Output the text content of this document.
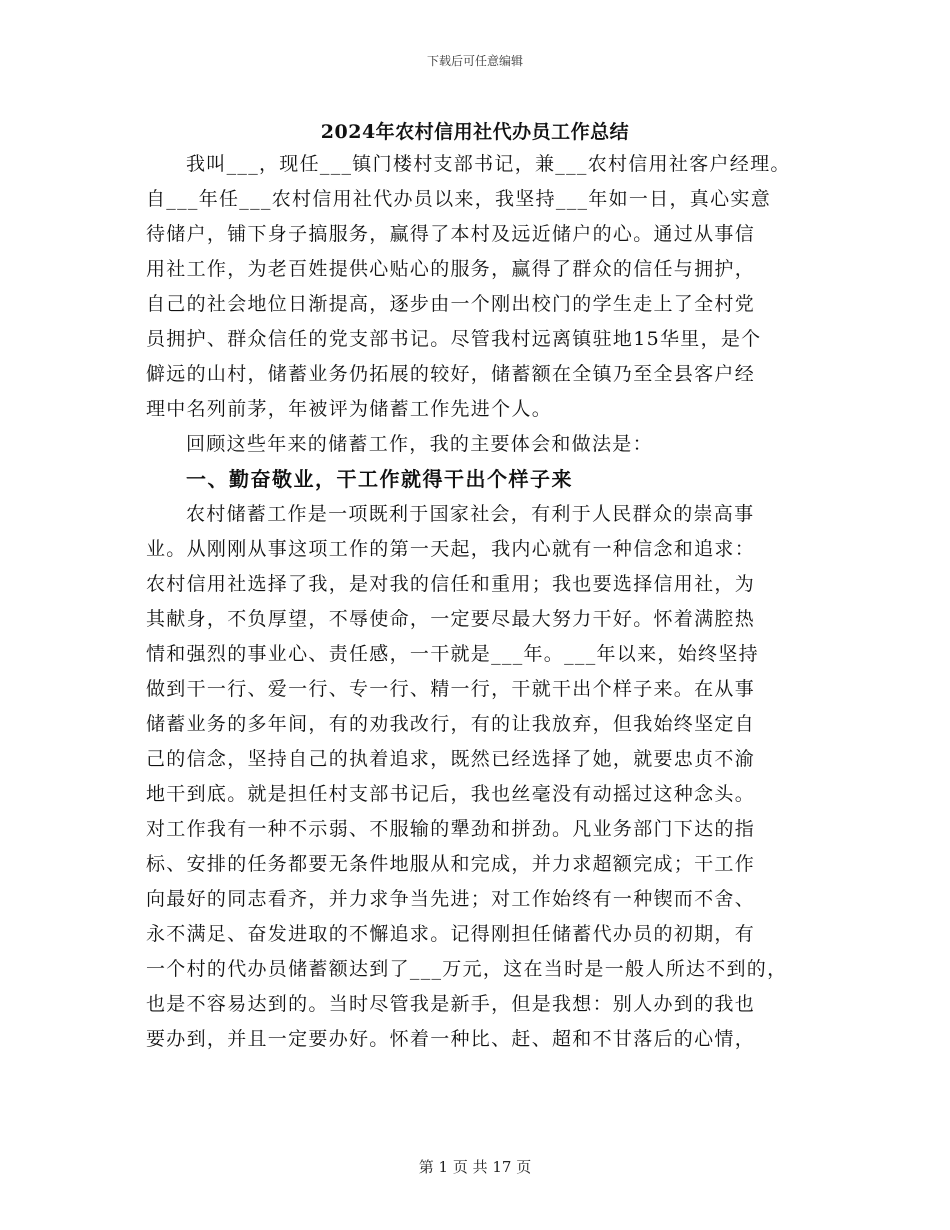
下载后可任意编辑
2024年农村信用社代办员工作总结
我叫___，现任___镇门楼村支部书记，兼___农村信用社客户经理。
自___年任___农村信用社代办员以来，我坚持___年如一日，真心实意
待储户，铺下身子搞服务，赢得了本村及远近储户的心。通过从事信
用社工作，为老百姓提供心贴心的服务，赢得了群众的信任与拥护，
自己的社会地位日渐提高，逐步由一个刚出校门的学生走上了全村党
员拥护、群众信任的党支部书记。尽管我村远离镇驻地15华里，是个
僻远的山村，储蓄业务仍拓展的较好，储蓄额在全镇乃至全县客户经
理中名列前茅，年被评为储蓄工作先进个人。
回顾这些年来的储蓄工作，我的主要体会和做法是：
一、勤奋敬业，干工作就得干出个样子来
农村储蓄工作是一项既利于国家社会，有利于人民群众的崇高事
业。从刚刚从事这项工作的第一天起，我内心就有一种信念和追求：
农村信用社选择了我，是对我的信任和重用；我也要选择信用社，为
其献身，不负厚望，不辱使命，一定要尽最大努力干好。怀着满腔热
情和强烈的事业心、责任感，一干就是___年。___年以来，始终坚持
做到干一行、爱一行、专一行、精一行，干就干出个样子来。在从事
储蓄业务的多年间，有的劝我改行，有的让我放弃，但我始终坚定自
己的信念，坚持自己的执着追求，既然已经选择了她，就要忠贞不渝
地干到底。就是担任村支部书记后，我也丝毫没有动摇过这种念头。
对工作我有一种不示弱、不服输的犟劲和拼劲。凡业务部门下达的指
标、安排的任务都要无条件地服从和完成，并力求超额完成；干工作
向最好的同志看齐，并力求争当先进；对工作始终有一种锲而不舍、
永不满足、奋发进取的不懈追求。记得刚担任储蓄代办员的初期，有
一个村的代办员储蓄额达到了___万元，这在当时是一般人所达不到的，
也是不容易达到的。当时尽管我是新手，但是我想：别人办到的我也
要办到，并且一定要办好。怀着一种比、赶、超和不甘落后的心情，
第 1 页 共 17 页
